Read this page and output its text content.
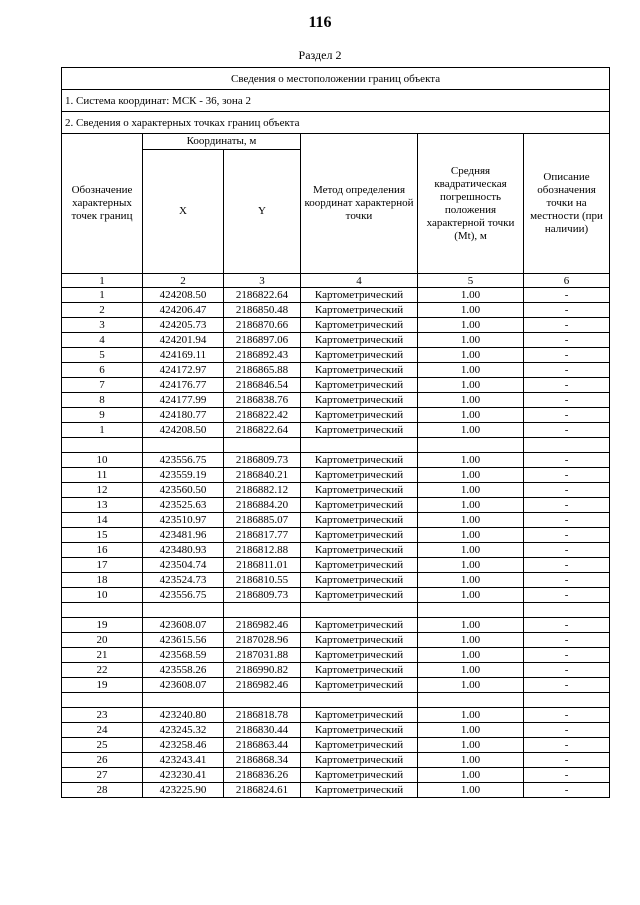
116
Раздел 2
Сведения о местоположении границ объекта					
1. Система координат: МСК - 36, зона 2					
2. Сведения о характерных точках границ объекта					
Обозначение характерных точек границ	Координаты, м		Метод определения координат характерной точки	Средняя квадратическая погрешность положения характерной точки (Mt), м	Описание обозначения точки на местности (при наличии)
	X	Y			
1	2	3	4	5	6
1	424208.50	2186822.64	Картометрический	1.00	-
2	424206.47	2186850.48	Картометрический	1.00	-
3	424205.73	2186870.66	Картометрический	1.00	-
4	424201.94	2186897.06	Картометрический	1.00	-
5	424169.11	2186892.43	Картометрический	1.00	-
6	424172.97	2186865.88	Картометрический	1.00	-
7	424176.77	2186846.54	Картометрический	1.00	-
8	424177.99	2186838.76	Картометрический	1.00	-
9	424180.77	2186822.42	Картометрический	1.00	-
1	424208.50	2186822.64	Картометрический	1.00	-

10	423556.75	2186809.73	Картометрический	1.00	-
11	423559.19	2186840.21	Картометрический	1.00	-
12	423560.50	2186882.12	Картометрический	1.00	-
13	423525.63	2186884.20	Картометрический	1.00	-
14	423510.97	2186885.07	Картометрический	1.00	-
15	423481.96	2186817.77	Картометрический	1.00	-
16	423480.93	2186812.88	Картометрический	1.00	-
17	423504.74	2186811.01	Картометрический	1.00	-
18	423524.73	2186810.55	Картометрический	1.00	-
10	423556.75	2186809.73	Картометрический	1.00	-

19	423608.07	2186982.46	Картометрический	1.00	-
20	423615.56	2187028.96	Картометрический	1.00	-
21	423568.59	2187031.88	Картометрический	1.00	-
22	423558.26	2186990.82	Картометрический	1.00	-
19	423608.07	2186982.46	Картометрический	1.00	-

23	423240.80	2186818.78	Картометрический	1.00	-
24	423245.32	2186830.44	Картометрический	1.00	-
25	423258.46	2186863.44	Картометрический	1.00	-
26	423243.41	2186868.34	Картометрический	1.00	-
27	423230.41	2186836.26	Картометрический	1.00	-
28	423225.90	2186824.61	Картометрический	1.00	-
